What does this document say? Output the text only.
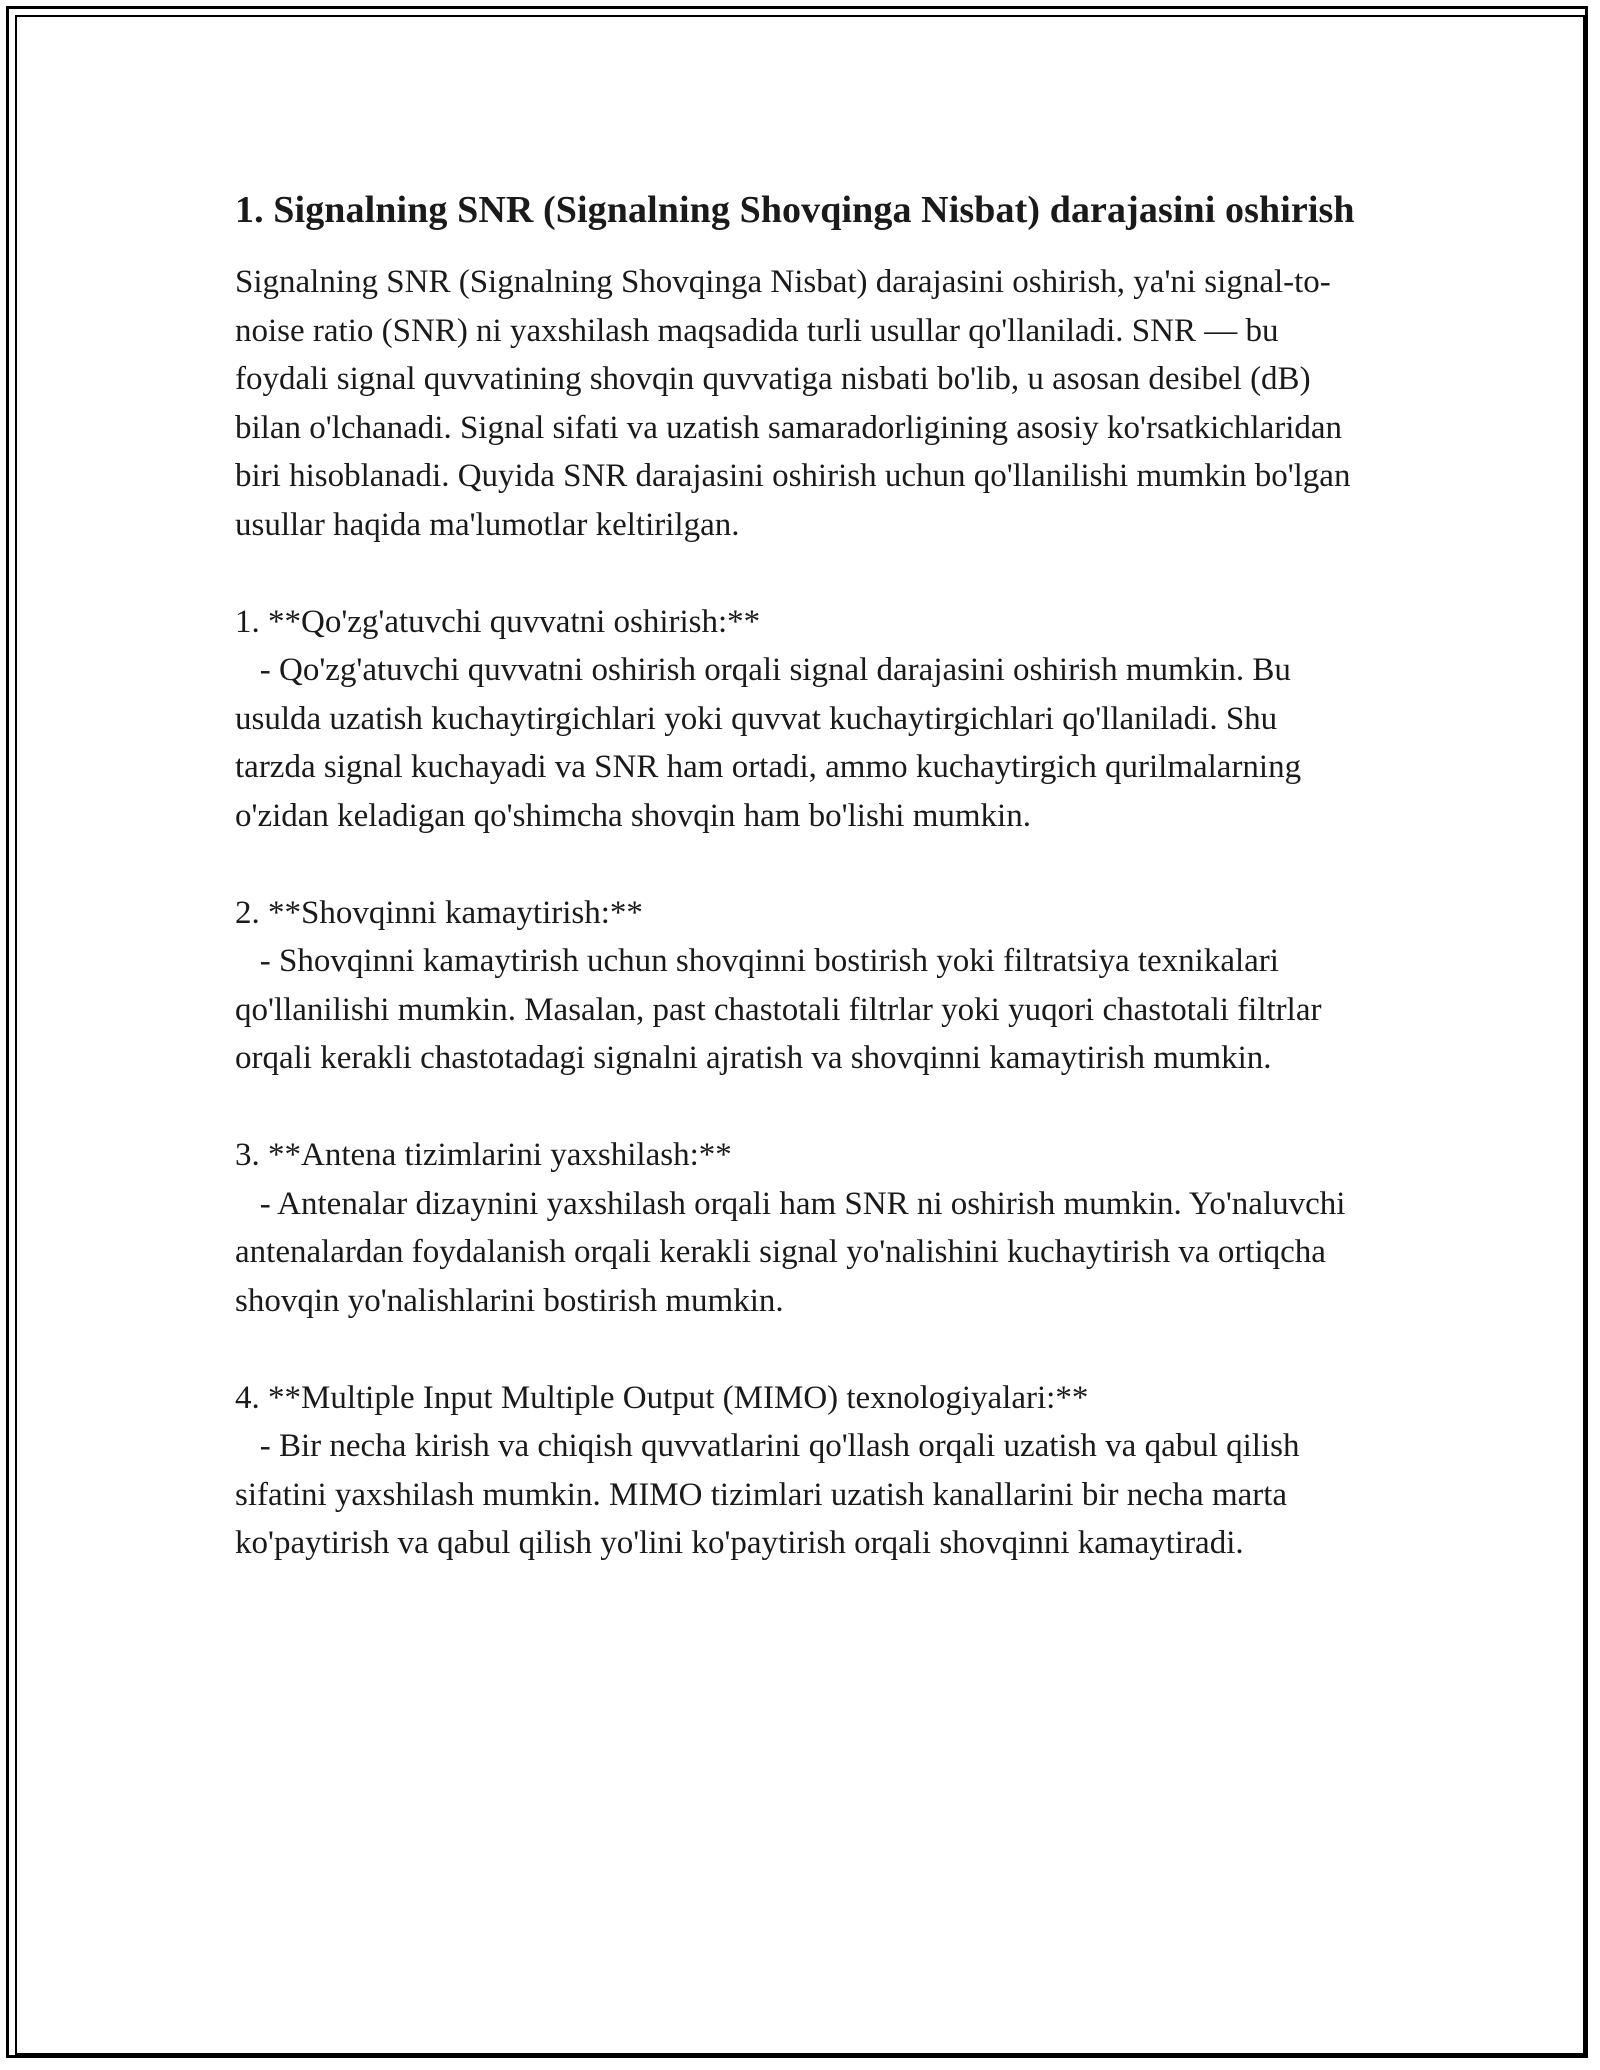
1. Signalning SNR (Signalning Shovqinga Nisbat) darajasini oshirish

Signalning SNR (Signalning Shovqinga Nisbat) darajasini oshirish, ya'ni signal-to-noise ratio (SNR) ni yaxshilash maqsadida turli usullar qo'llaniladi. SNR — bu foydali signal quvvatining shovqin quvvatiga nisbati bo'lib, u asosan desibel (dB) bilan o'lchanadi. Signal sifati va uzatish samaradorligining asosiy ko'rsatkichlaridan biri hisoblanadi. Quyida SNR darajasini oshirish uchun qo'llanilishi mumkin bo'lgan usullar haqida ma'lumotlar keltirilgan.

1. **Qo'zg'atuvchi quvvatni oshirish:**

- Qo'zg'atuvchi quvvatni oshirish orqali signal darajasini oshirish mumkin. Bu usulda uzatish kuchaytirgichlari yoki quvvat kuchaytirgichlari qo'llaniladi. Shu tarzda signal kuchayadi va SNR ham ortadi, ammo kuchaytirgich qurilmalarning o'zidan keladigan qo'shimcha shovqin ham bo'lishi mumkin.

2. **Shovqinni kamaytirish:**

- Shovqinni kamaytirish uchun shovqinni bostirish yoki filtratsiya texnikalari qo'llanilishi mumkin. Masalan, past chastotali filtrlar yoki yuqori chastotali filtrlar orqali kerakli chastotadagi signalni ajratish va shovqinni kamaytirish mumkin.

3. **Antena tizimlarini yaxshilash:**

- Antenalar dizaynini yaxshilash orqali ham SNR ni oshirish mumkin. Yo'naluvchi antenalardan foydalanish orqali kerakli signal yo'nalishini kuchaytirish va ortiqcha shovqin yo'nalishlarini bostirish mumkin.

4. **Multiple Input Multiple Output (MIMO) texnologiyalari:**

- Bir necha kirish va chiqish quvvatlarini qo'llash orqali uzatish va qabul qilish sifatini yaxshilash mumkin. MIMO tizimlari uzatish kanallarini bir necha marta ko'paytirish va qabul qilish yo'lini ko'paytirish orqali shovqinni kamaytiradi.
